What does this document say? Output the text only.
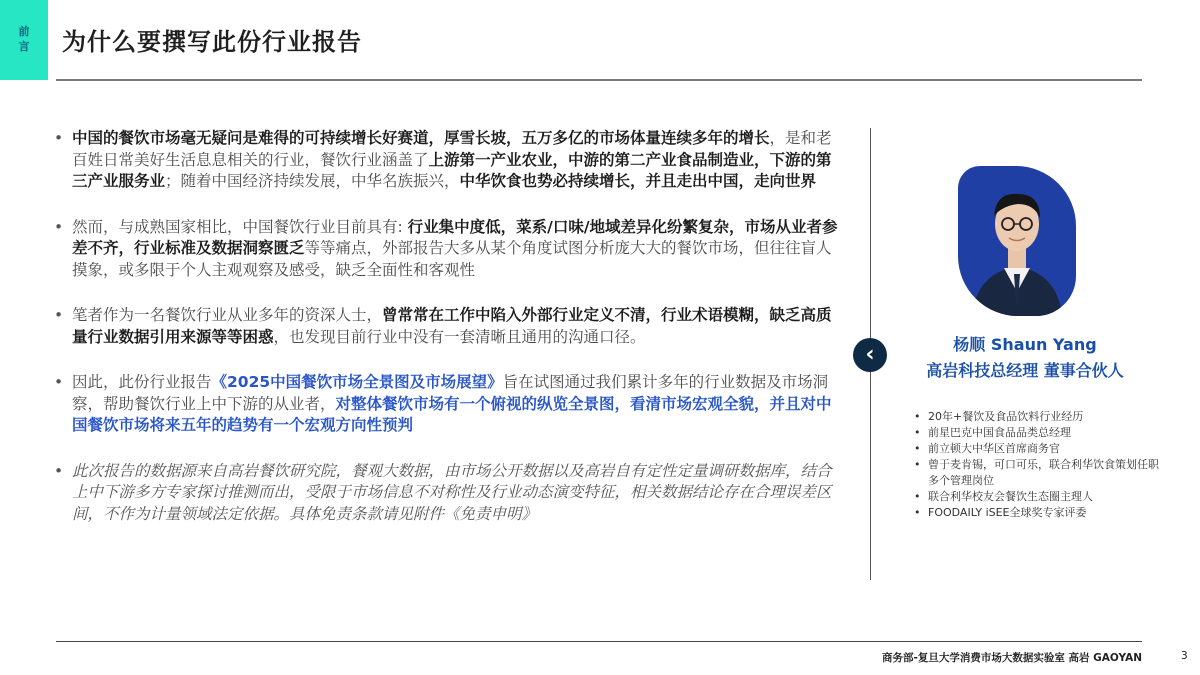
前言 为什么要撰写此份行业报告
• 中国的餐饮市场毫无疑问是难得的可持续增长好赛道，厚雪长坡，五万多亿的市场体量连续多年的增长，是和老百姓日常美好生活息息相关的行业，餐饮行业涵盖了上游第一产业农业，中游的第二产业食品制造业，下游的第三产业服务业；随着中国经济持续发展，中华名族振兴，中华饮食也势必持续增长，并且走出中国，走向世界
• 然而，与成熟国家相比，中国餐饮行业目前具有: 行业集中度低，菜系/口味/地域差异化纷繁复杂，市场从业者参差不齐，行业标准及数据洞察匮乏等等痛点，外部报告大多从某个角度试图分析庞大大的餐饮市场，但往往盲人摸象，或多限于个人主观观察及感受，缺乏全面性和客观性
• 笔者作为一名餐饮行业从业多年的资深人士，曾常常在工作中陷入外部行业定义不清，行业术语模糊，缺乏高质量行业数据引用来源等等困惑，也发现目前行业中没有一套清晰且通用的沟通口径。
• 因此，此份行业报告《2025中国餐饮市场全景图及市场展望》旨在试图通过我们累计多年的行业数据及市场洞察，帮助餐饮行业上中下游的从业者，对整体餐饮市场有一个俯视的纵览全景图，看清市场宏观全貌，并且对中国餐饮市场将来五年的趋势有一个宏观方向性预判
• 此次报告的数据源来自高岩餐饮研究院，餐观大数据，由市场公开数据以及高岩自有定性定量调研数据库，结合上中下游多方专家探讨推测而出，受限于市场信息不对称性及行业动态演变特征，相关数据结论存在合理误差区间，不作为计量领域法定依据。具体免责条款请见附件《免责申明》
‹	杨顺 Shaun Yang
高岩科技总经理 董事合伙人
• 20年+餐饮及食品饮料行业经历
• 前星巴克中国食品品类总经理
• 前立顿大中华区首席商务官
• 曾于麦肯锡，可口可乐，联合利华饮食策划任职多个管理岗位
• 联合利华校友会餐饮生态圈主理人
• FOODAILY iSEE全球奖专家评委
商务部-复旦大学消费市场大数据实验室 高岩 GAOYAN	3
